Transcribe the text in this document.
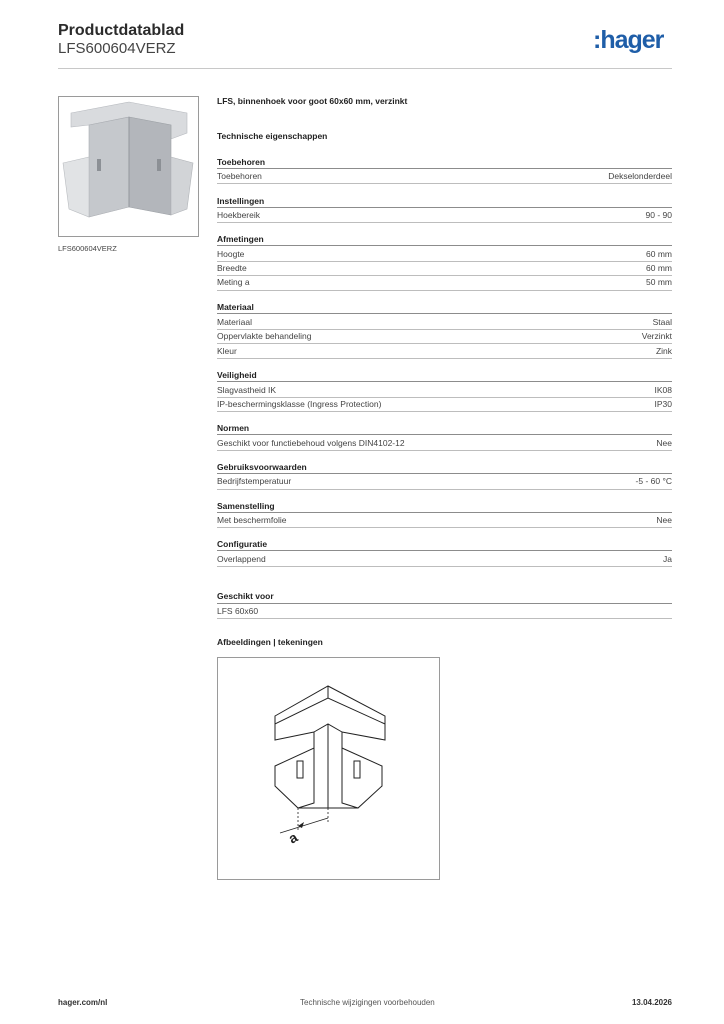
Productdatablad
LFS600604VERZ	:hager
LFS600604VERZ
LFS, binnenhoek voor goot 60x60 mm, verzinkt
Technische eigenschappen
Toebehoren
Toebehoren	Dekselonderdeel
Instellingen
Hoekbereik	90 - 90
Afmetingen
Hoogte	60 mm
Breedte	60 mm
Meting a	50 mm
Materiaal
Materiaal	Staal
Oppervlakte behandeling	Verzinkt
Kleur	Zink
Veiligheid
Slagvastheid IK	IK08
IP-beschermingsklasse (Ingress Protection)	IP30
Normen
Geschikt voor functiebehoud volgens DIN4102-12	Nee
Gebruiksvoorwaarden
Bedrijfstemperatuur	-5 - 60 °C
Samenstelling
Met beschermfolie	Nee
Configuratie
Overlappend	Ja
Geschikt voor
LFS 60x60
Afbeeldingen | tekeningen
a
hager.com/nl	Technische wijzigingen voorbehouden	13.04.2026
